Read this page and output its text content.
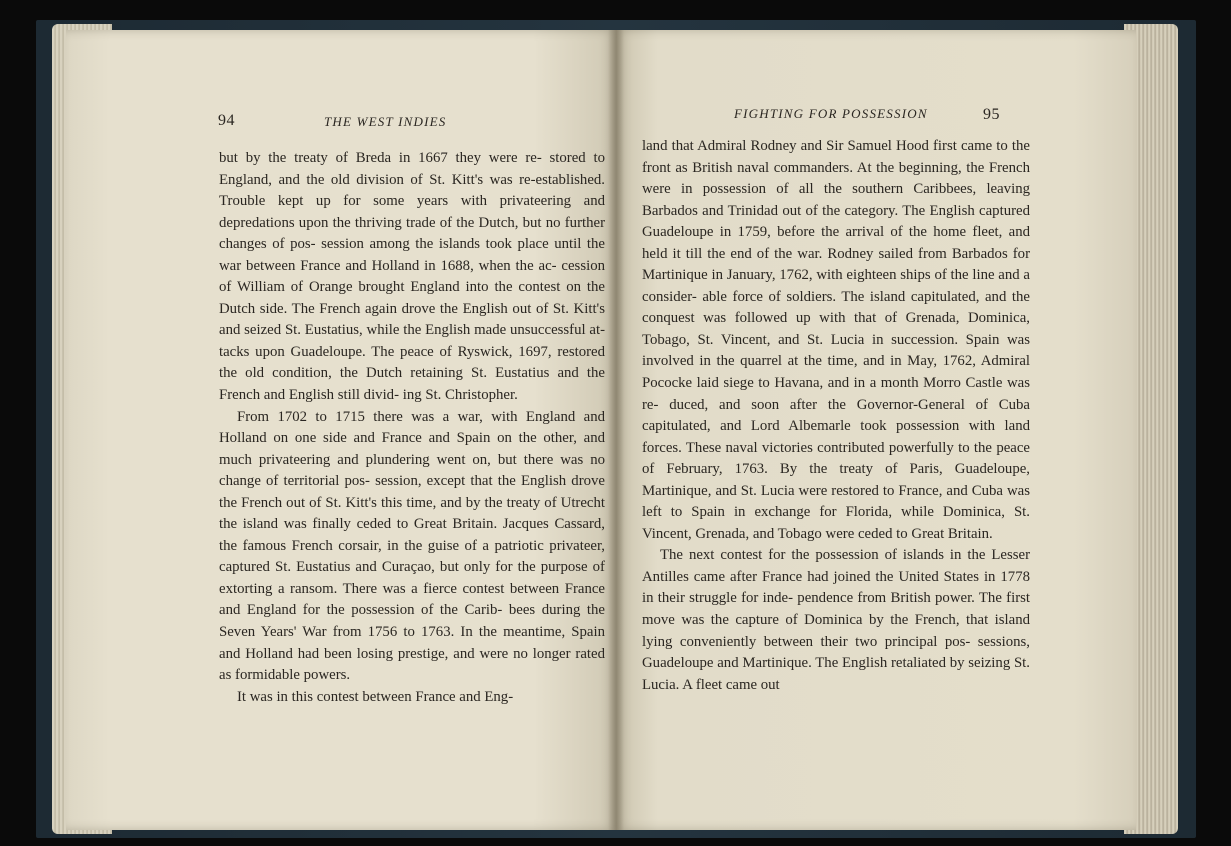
94	THE WEST INDIES

but by the treaty of Breda in 1667 they were re- stored to England, and the old division of St. Kitt's was re-established. Trouble kept up for some years with privateering and depredations upon the thriving trade of the Dutch, but no further changes of pos- session among the islands took place until the war between France and Holland in 1688, when the ac- cession of William of Orange brought England into the contest on the Dutch side. The French again drove the English out of St. Kitt's and seized St. Eustatius, while the English made unsuccessful at- tacks upon Guadeloupe. The peace of Ryswick, 1697, restored the old condition, the Dutch retaining St. Eustatius and the French and English still divid- ing St. Christopher.

From 1702 to 1715 there was a war, with England and Holland on one side and France and Spain on the other, and much privateering and plundering went on, but there was no change of territorial pos- session, except that the English drove the French out of St. Kitt's this time, and by the treaty of Utrecht the island was finally ceded to Great Britain. Jacques Cassard, the famous French corsair, in the guise of a patriotic privateer, captured St. Eustatius and Curaçao, but only for the purpose of extorting a ransom. There was a fierce contest between France and England for the possession of the Carib- bees during the Seven Years' War from 1756 to 1763. In the meantime, Spain and Holland had been losing prestige, and were no longer rated as formidable powers.

It was in this contest between France and Eng-

FIGHTING FOR POSSESSION	95

land that Admiral Rodney and Sir Samuel Hood first came to the front as British naval commanders. At the beginning, the French were in possession of all the southern Caribbees, leaving Barbados and Trinidad out of the category. The English captured Guadeloupe in 1759, before the arrival of the home fleet, and held it till the end of the war. Rodney sailed from Barbados for Martinique in January, 1762, with eighteen ships of the line and a consider- able force of soldiers. The island capitulated, and the conquest was followed up with that of Grenada, Dominica, Tobago, St. Vincent, and St. Lucia in succession. Spain was involved in the quarrel at the time, and in May, 1762, Admiral Pococke laid siege to Havana, and in a month Morro Castle was re- duced, and soon after the Governor-General of Cuba capitulated, and Lord Albemarle took possession with land forces. These naval victories contributed powerfully to the peace of February, 1763. By the treaty of Paris, Guadeloupe, Martinique, and St. Lucia were restored to France, and Cuba was left to Spain in exchange for Florida, while Dominica, St. Vincent, Grenada, and Tobago were ceded to Great Britain.

The next contest for the possession of islands in the Lesser Antilles came after France had joined the United States in 1778 in their struggle for inde- pendence from British power. The first move was the capture of Dominica by the French, that island lying conveniently between their two principal pos- sessions, Guadeloupe and Martinique. The English retaliated by seizing St. Lucia. A fleet came out
